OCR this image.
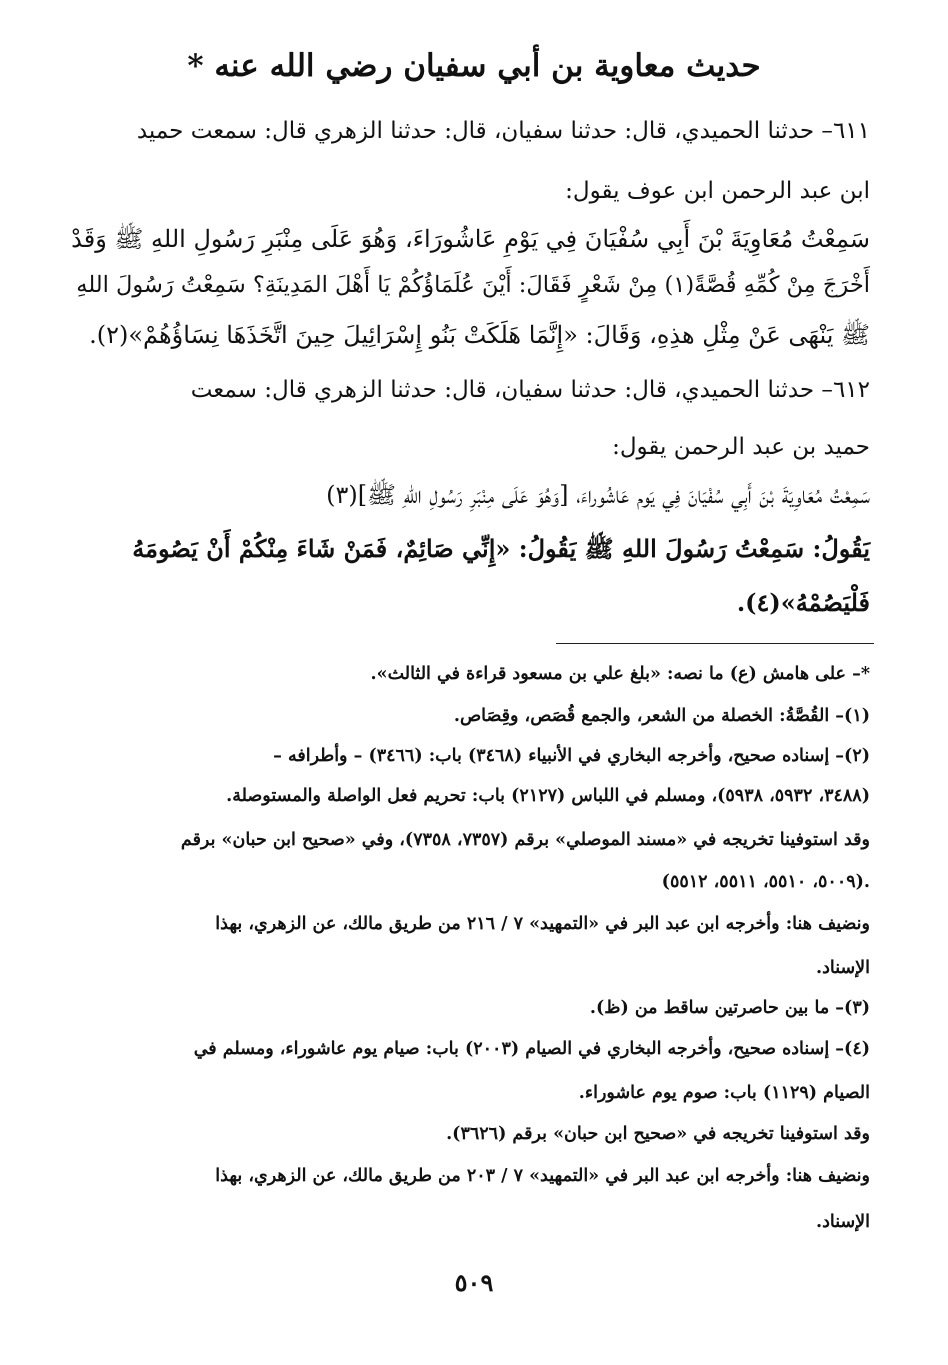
حديث معاوية بن أبي سفيان رضي الله عنه *
٦١١– حدثنا الحميدي، قال: حدثنا سفيان، قال: حدثنا الزهري قال: سمعت حميد
ابن عبد الرحمن ابن عوف يقول:
سَمِعْتُ مُعَاوِيَةَ بْنَ أَبِي سُفْيَانَ فِي يَوْمِ عَاشُورَاءَ، وَهُوَ عَلَى مِنْبَرِ رَسُولِ اللهِ ﷺ وَقَدْ
أَخْرَجَ مِنْ كُمِّهِ قُصَّةً(١) مِنْ شَعْرٍ فَقَالَ: أَيْنَ عُلَمَاؤُكُمْ يَا أَهْلَ المَدِينَةِ؟ سَمِعْتُ رَسُولَ اللهِ
ﷺ يَنْهَى عَنْ مِثْلِ هذِهِ، وَقَالَ: «إِنَّمَا هَلَكَتْ بَنُو إِسْرَائِيلَ حِينَ اتَّخَذَهَا نِسَاؤُهُمْ»(٢).
٦١٢– حدثنا الحميدي، قال: حدثنا سفيان، قال: حدثنا الزهري قال: سمعت
حميد بن عبد الرحمن يقول:
سَمِعْتُ مُعَاوِيَةَ بْنَ أَبِي سُفْيَانَ فِي يَوم عَاشُوراءَ، [وَهُوَ عَلَى مِنْبَرِ رَسُولِ اللهِ ﷺ](٣)
يَقُولُ: سَمِعْتُ رَسُولَ اللهِ ﷺ يَقُولُ: «إِنِّي صَائِمٌ، فَمَنْ شَاءَ مِنْكُمْ أَنْ يَصُومَهُ
فَلْيَصُمْهُ»(٤).
*– على هامش (ع) ما نصه: «بلغ علي بن مسعود قراءة في الثالث».
(١)– القُصَّةُ: الخصلة من الشعر، والجمع قُصَص، وقِصَاص.
(٢)– إسناده صحيح، وأخرجه البخاري في الأنبياء (٣٤٦٨) باب: (٣٤٦٦) – وأطرافه –
(٣٤٨٨، ٥٩٣٢، ٥٩٣٨)، ومسلم في اللباس (٢١٢٧) باب: تحريم فعل الواصلة والمستوصلة.
وقد استوفينا تخريجه في «مسند الموصلي» برقم (٧٣٥٧، ٧٣٥٨)، وفي «صحيح ابن حبان» برقم
(٥٠٠٩، ٥٥١٠، ٥٥١١، ٥٥١٢).
ونضيف هنا: وأخرجه ابن عبد البر في «التمهيد» ٧ / ٢١٦ من طريق مالك، عن الزهري، بهذا
الإسناد.
(٣)– ما بين حاصرتين ساقط من (ظ).
(٤)– إسناده صحيح، وأخرجه البخاري في الصيام (٢٠٠٣) باب: صيام يوم عاشوراء، ومسلم في
الصيام (١١٢٩) باب: صوم يوم عاشوراء.
وقد استوفينا تخريجه في «صحيح ابن حبان» برقم (٣٦٢٦).
ونضيف هنا: وأخرجه ابن عبد البر في «التمهيد» ٧ / ٢٠٣ من طريق مالك، عن الزهري، بهذا
الإسناد.
٥٠٩
